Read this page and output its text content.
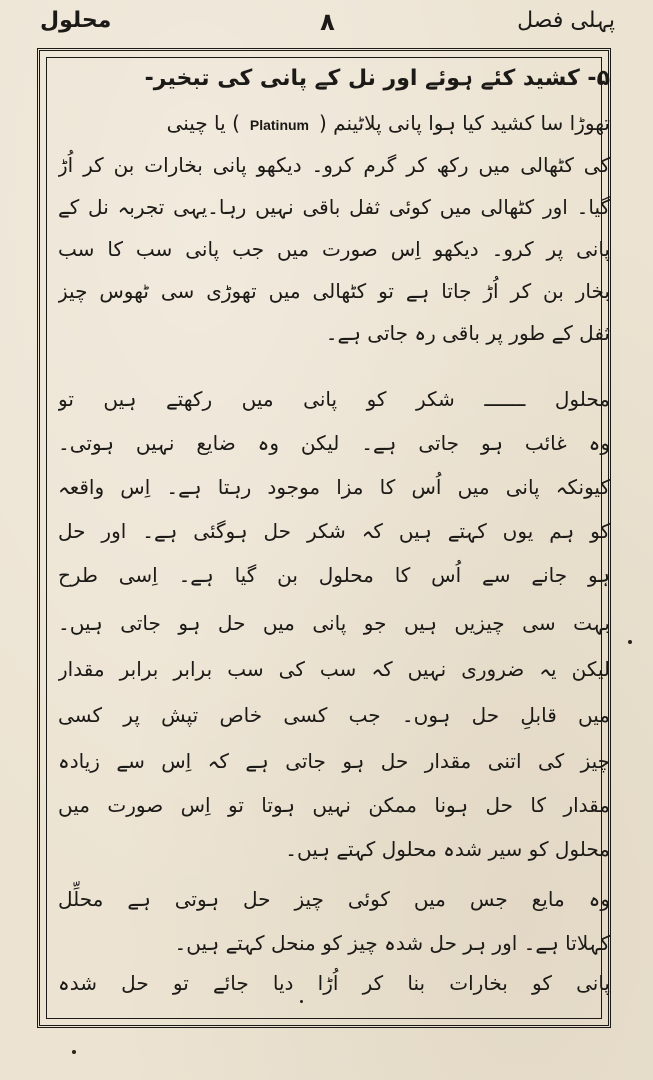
پہلی فصل
۸
محلول
۵- کشید کئے ہوئے اور نل کے پانی کی تبخیر-
تھوڑا سا کشید کیا ہوا پانی پلاٹینم (Platinum) یا چینی
کی کٹھالی میں رکھ کر گرم کرو۔ دیکھو پانی بخارات بن کر اُڑ
گیا۔ اور کٹھالی میں کوئی ثفل باقی نہیں رہا۔یہی تجربہ نل کے
پانی پر کرو۔ دیکھو اِس صورت میں جب پانی سب کا سب
بخار بن کر اُڑ جاتا ہے تو کٹھالی میں تھوڑی سی ٹھوس چیز
ثفل کے طور پر باقی رہ جاتی ہے۔
محلول ـــــــ شکر کو پانی میں رکھتے ہیں تو
وہ غائب ہو جاتی ہے۔ لیکن وہ ضایع نہیں ہوتی۔
کیونکہ پانی میں اُس کا مزا موجود رہتا ہے۔ اِس واقعہ
کو ہم یوں کہتے ہیں کہ شکر حل ہوگئی ہے۔ اور حل
ہو جانے سے اُس کا محلول بن گیا ہے۔ اِسی طرح
بہت سی چیزیں ہیں جو پانی میں حل ہو جاتی ہیں۔
لیکن یہ ضروری نہیں کہ سب کی سب برابر برابر مقدار
میں قابلِ حل ہوں۔ جب کسی خاص تپش پر کسی
چیز کی اتنی مقدار حل ہو جاتی ہے کہ اِس سے زیادہ
مقدار کا حل ہونا ممکن نہیں ہوتا تو اِس صورت میں
محلول کو سیر شدہ محلول کہتے ہیں۔
وہ مایع جس میں کوئی چیز حل ہوتی ہے محلِّل
کہلاتا ہے۔ اور ہر حل شدہ چیز کو منحل کہتے ہیں۔
پانی کو بخارات بنا کر اُڑا دیا جائے تو حل شدہ
